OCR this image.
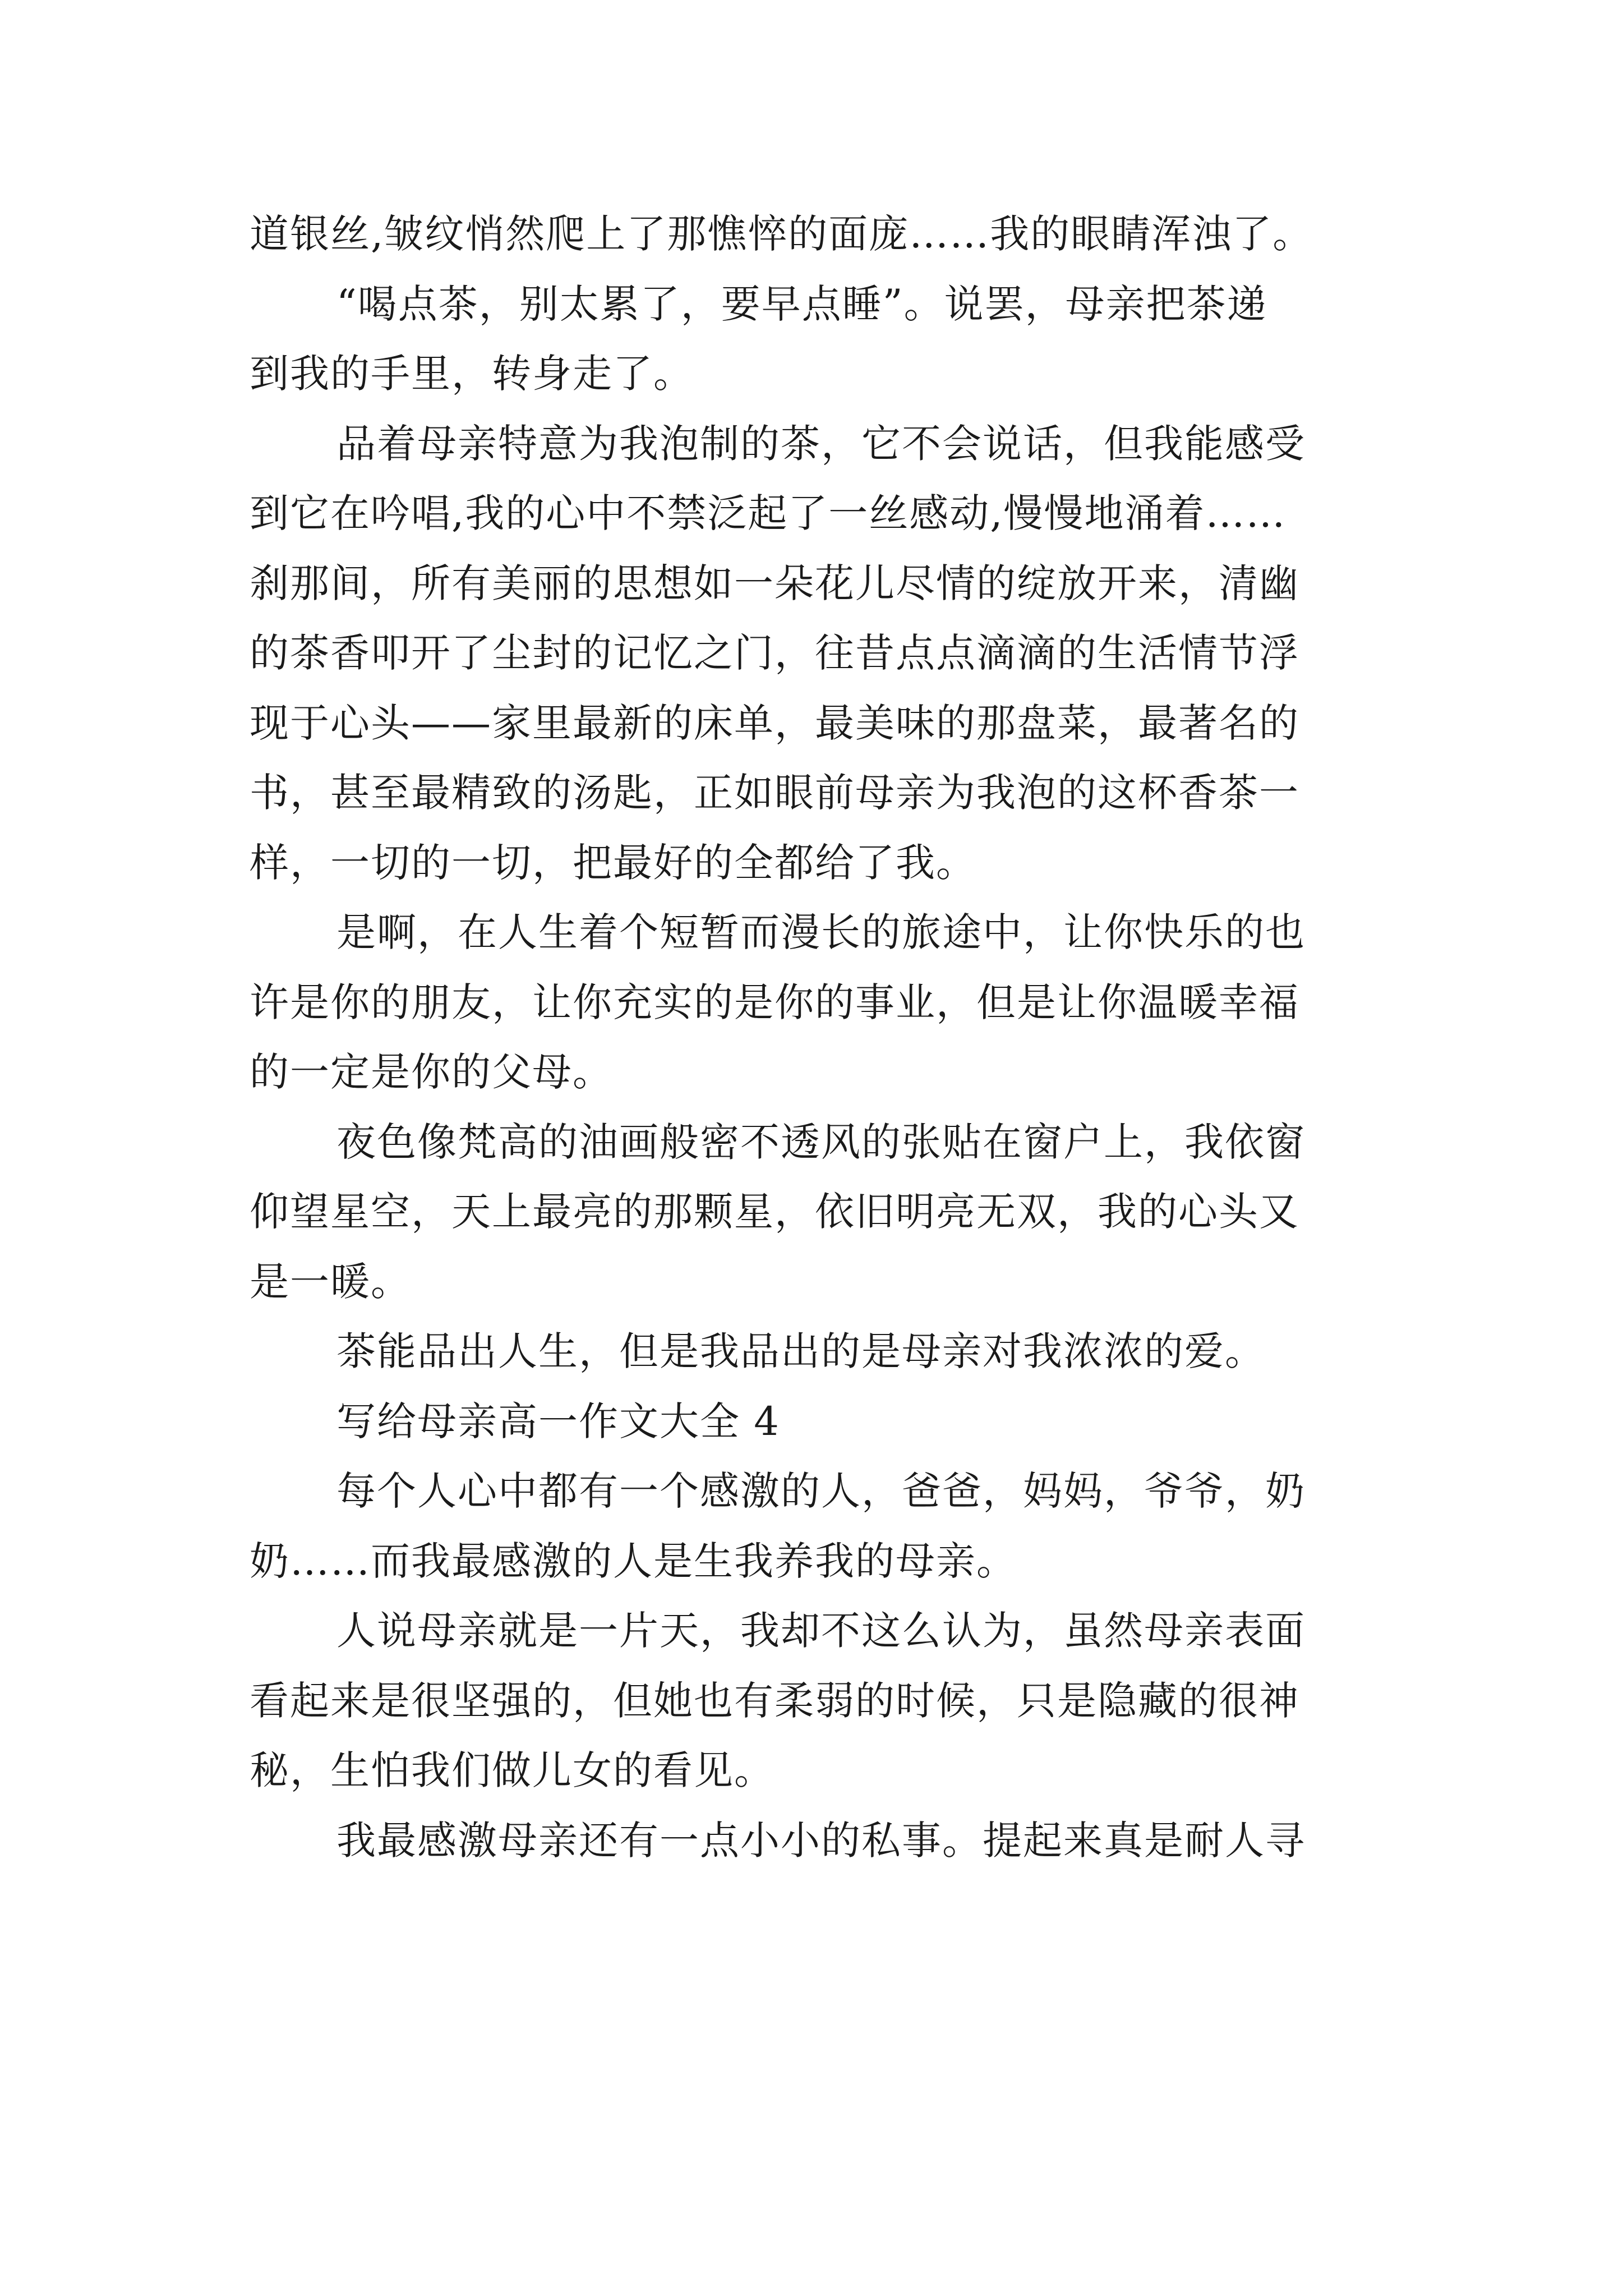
道银丝,皱纹悄然爬上了那憔悴的面庞……我的眼睛浑浊了。
“喝点茶，别太累了，要早点睡”。说罢，母亲把茶递
到我的手里，转身走了。
品着母亲特意为我泡制的茶，它不会说话，但我能感受
到它在吟唱,我的心中不禁泛起了一丝感动,慢慢地涌着……
刹那间，所有美丽的思想如一朵花儿尽情的绽放开来，清幽
的茶香叩开了尘封的记忆之门，往昔点点滴滴的生活情节浮
现于心头——家里最新的床单，最美味的那盘菜，最著名的
书，甚至最精致的汤匙，正如眼前母亲为我泡的这杯香茶一
样，一切的一切，把最好的全都给了我。
是啊，在人生着个短暂而漫长的旅途中，让你快乐的也
许是你的朋友，让你充实的是你的事业，但是让你温暖幸福
的一定是你的父母。
夜色像梵高的油画般密不透风的张贴在窗户上，我依窗
仰望星空，天上最亮的那颗星，依旧明亮无双，我的心头又
是一暖。
茶能品出人生，但是我品出的是母亲对我浓浓的爱。
写给母亲高一作文大全 4
每个人心中都有一个感激的人，爸爸，妈妈，爷爷，奶
奶……而我最感激的人是生我养我的母亲。
人说母亲就是一片天，我却不这么认为，虽然母亲表面
看起来是很坚强的，但她也有柔弱的时候，只是隐藏的很神
秘，生怕我们做儿女的看见。
我最感激母亲还有一点小小的私事。提起来真是耐人寻
